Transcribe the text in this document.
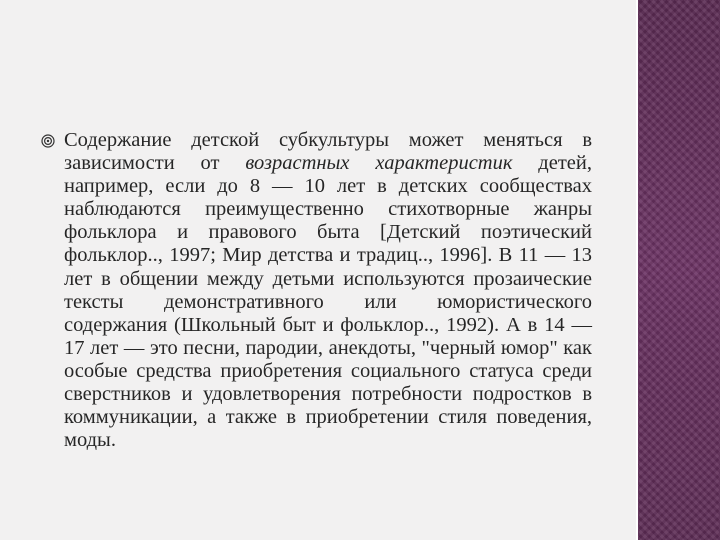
Содержание детской субкультуры может меняться в зависимости от возрастных характеристик детей, например, если до 8 — 10 лет в детских сообществах наблюдаются преимущественно стихотворные жанры фольклора и правового быта [Детский поэтический фольклор.., 1997; Мир детства и традиц.., 1996]. В 11 — 13 лет в общении между детьми используются прозаические тексты демонстративного или юмористического содержания (Школьный быт и фольклор.., 1992). А в 14 — 17 лет — это песни, пародии, анекдоты, "черный юмор" как особые средства приобретения социального статуса среди сверстников и удовлетворения потребности подростков в коммуникации, а также в приобретении стиля поведения, моды.
